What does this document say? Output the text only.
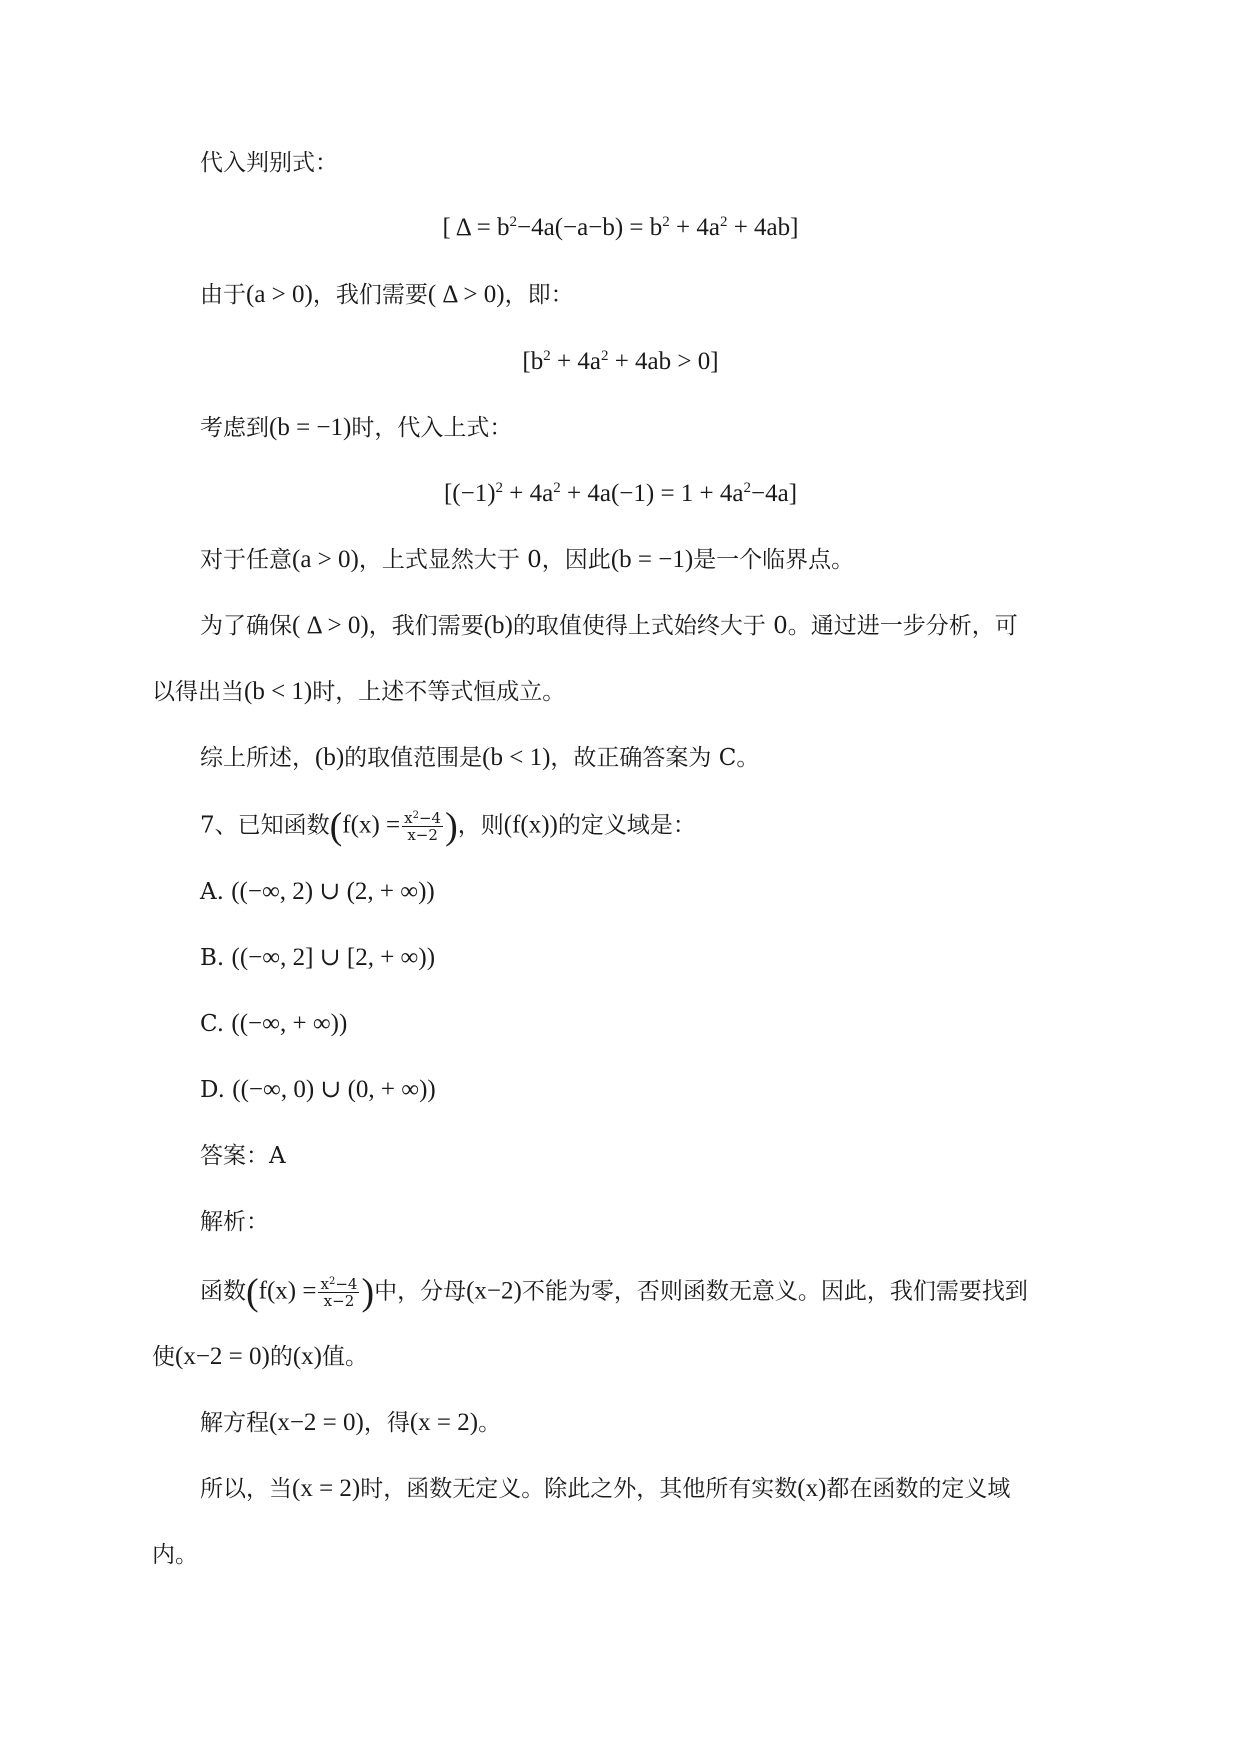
代入判别式：
[ $\Delta = b^2-4a(-a-b) = b^2 + 4a^2 + 4ab$]
由于(a > 0)，我们需要( Δ > 0)，即：
$[b^2 + 4a^2 + 4ab > 0]$
考虑到(b = −1)时，代入上式：
$[(-1)^2 + 4a^2 + 4a(-1) = 1 + 4a^2-4a]$
对于任意(a > 0)，上式显然大于 0，因此(b = −1)是一个临界点。
为了确保( Δ > 0)，我们需要(b)的取值使得上式始终大于 0。通过进一步分析，可
以得出当(b < 1)时，上述不等式恒成立。
综上所述，(b)的取值范围是(b < 1)，故正确答案为 C。
7、已知函数($f(x) = \frac{x^2-4}{x-2}$ )，则(f(x))的定义域是：
A. ((−∞, 2) ∪ (2, + ∞))
B. ((−∞, 2] ∪ [2, + ∞))
C. ((−∞, + ∞))
D. ((−∞, 0) ∪ (0, + ∞))
答案：A
解析：
函数($f(x) = \frac{x^2-4}{x-2}$ )中，分母(x−2)不能为零，否则函数无意义。因此，我们需要找到
使(x−2 = 0)的(x)值。
解方程(x−2 = 0)，得(x = 2)。
所以，当(x = 2)时，函数无定义。除此之外，其他所有实数(x)都在函数的定义域
内。
